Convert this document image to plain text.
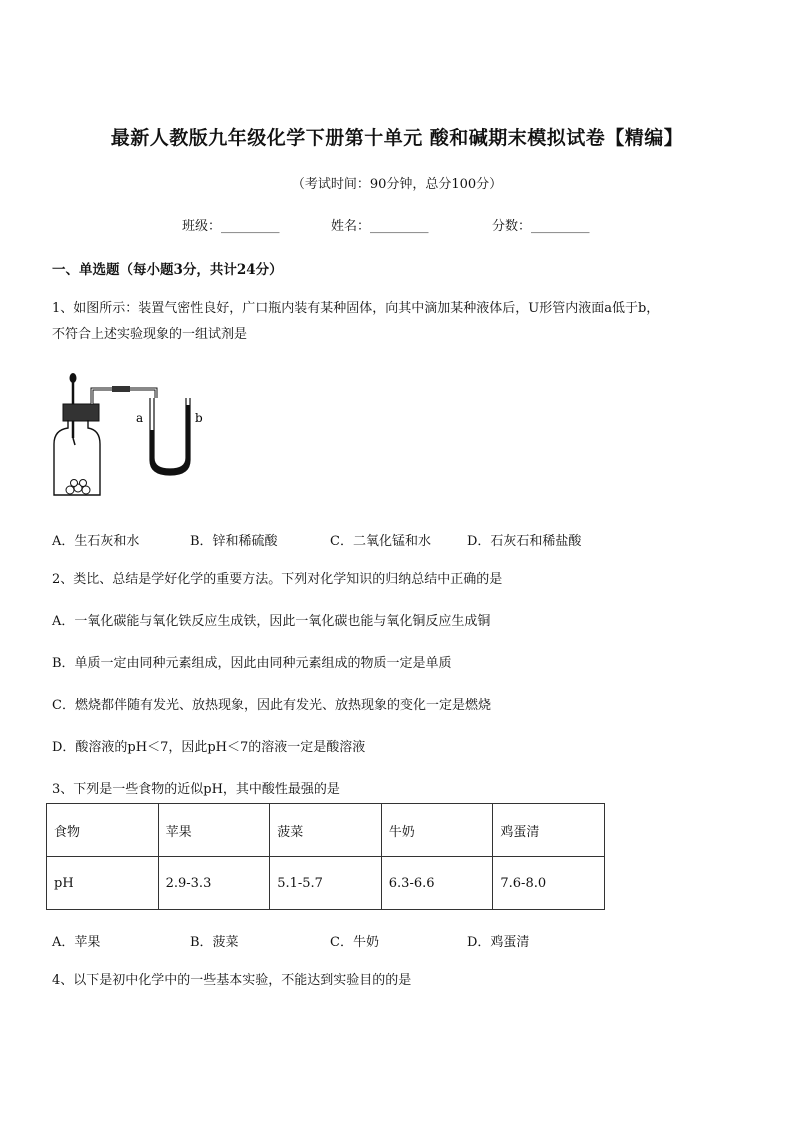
最新人教版九年级化学下册第十单元 酸和碱期末模拟试卷【精编】
（考试时间：90分钟，总分100分）
班级：_________	姓名：_________	分数：_________
一、单选题（每小题3分，共计24分）
1、如图所示：装置气密性良好，广口瓶内装有某种固体，向其中滴加某种液体后，U形管内液面a低于b，
不符合上述实验现象的一组试剂是
a	b
A．生石灰和水	B．锌和稀硫酸	C．二氧化锰和水	D．石灰石和稀盐酸
2、类比、总结是学好化学的重要方法。下列对化学知识的归纳总结中正确的是
A．一氧化碳能与氧化铁反应生成铁，因此一氧化碳也能与氧化铜反应生成铜
B．单质一定由同种元素组成，因此由同种元素组成的物质一定是单质
C．燃烧都伴随有发光、放热现象，因此有发光、放热现象的变化一定是燃烧
D．酸溶液的pH＜7，因此pH＜7的溶液一定是酸溶液
3、下列是一些食物的近似pH，其中酸性最强的是
食物	苹果	菠菜	牛奶	鸡蛋清
pH	2.9-3.3	5.1-5.7	6.3-6.6	7.6-8.0
A．苹果	B．菠菜	C．牛奶	D．鸡蛋清
4、以下是初中化学中的一些基本实验，不能达到实验目的的是
